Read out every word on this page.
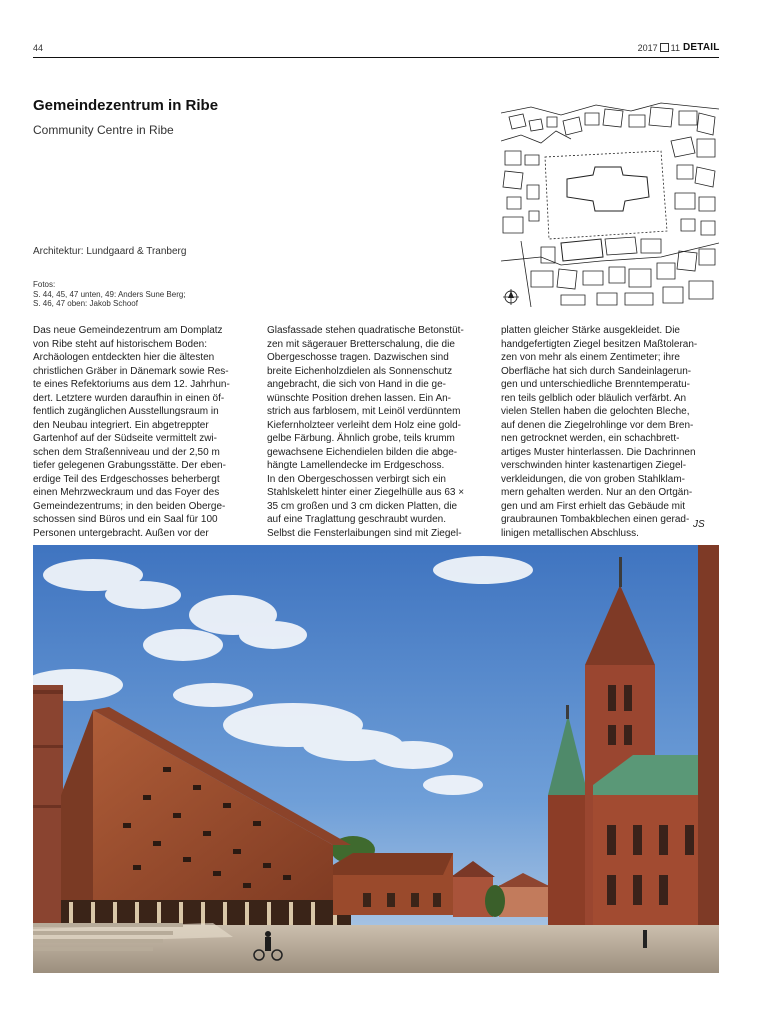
44	2017 11 DETAIL
Gemeindezentrum in Ribe
Community Centre in Ribe
Architektur: Lundgaard & Tranberg
Fotos:
S. 44, 45, 47 unten, 49: Anders Sune Berg;
S. 46, 47 oben: Jakob Schoof
Das neue Gemeindezentrum am Domplatz
von Ribe steht auf historischem Boden:
Archäologen entdeckten hier die ältesten
christlichen Gräber in Dänemark sowie Res-
te eines Refektoriums aus dem 12. Jahrhun-
dert. Letztere wurden daraufhin in einen öf-
fentlich zugänglichen Ausstellungsraum in
den Neubau integriert. Ein abgetreppter
Gartenhof auf der Südseite vermittelt zwi-
schen dem Straßenniveau und der 2,50 m
tiefer gelegenen Grabungsstätte. Der eben-
erdige Teil des Erdgeschosses beherbergt
einen Mehrzweckraum und das Foyer des
Gemeindezentrums; in den beiden Oberge-
schossen sind Büros und ein Saal für 100
Personen untergebracht. Außen vor der
Glasfassade stehen quadratische Betonstüt-
zen mit sägerauer Bretterschalung, die die
Obergeschosse tragen. Dazwischen sind
breite Eichenholzdielen als Sonnenschutz
angebracht, die sich von Hand in die ge-
wünschte Position drehen lassen. Ein An-
strich aus farblosem, mit Leinöl verdünntem
Kiefernholzteer verleiht dem Holz eine gold-
gelbe Färbung. Ähnlich grobe, teils krumm
gewachsene Eichendielen bilden die abge-
hängte Lamellendecke im Erdgeschoss.
In den Obergeschossen verbirgt sich ein
Stahlskelett hinter einer Ziegelhülle aus 63 ×
35 cm großen und 3 cm dicken Platten, die
auf eine Traglattung geschraubt wurden.
Selbst die Fensterlaibungen sind mit Ziegel-
platten gleicher Stärke ausgekleidet. Die
handgefertigten Ziegel besitzen Maßtoleran-
zen von mehr als einem Zentimeter; ihre
Oberfläche hat sich durch Sandeinlagerun-
gen und unterschiedliche Brenntemperatu-
ren teils gelblich oder bläulich verfärbt. An
vielen Stellen haben die gelochten Bleche,
auf denen die Ziegelrohlinge vor dem Bren-
nen getrocknet werden, ein schachbrett-
artiges Muster hinterlassen. Die Dachrinnen
verschwinden hinter kastenartigen Ziegel-
verkleidungen, die von groben Stahlklam-
mern gehalten werden. Nur an den Ortgän-
gen und am First erhielt das Gebäude mit
graubraunen Tombakblechen einen gerad-
linigen metallischen Abschluss.
JS
